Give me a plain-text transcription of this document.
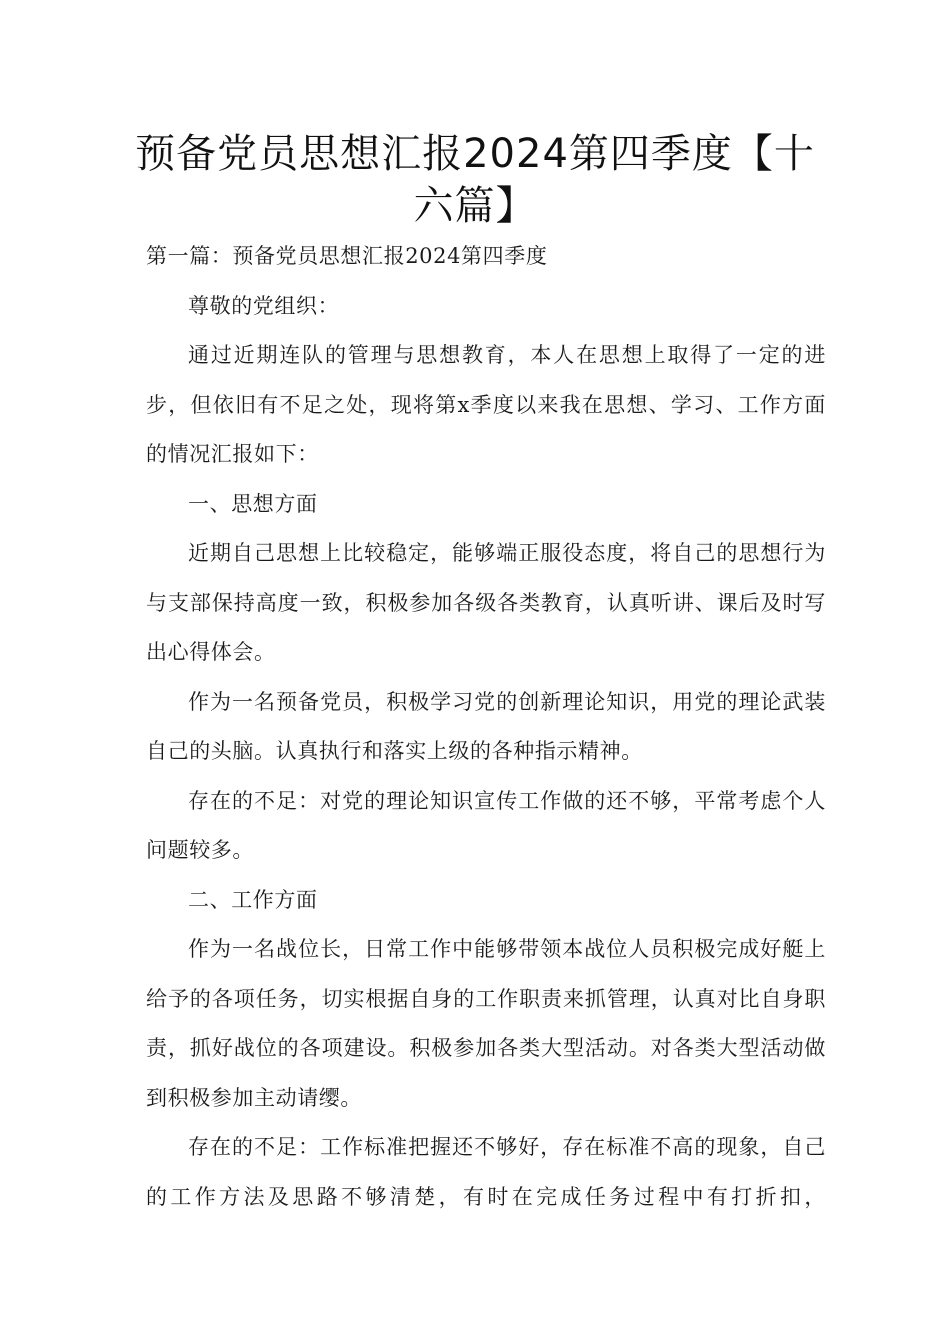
预备党员思想汇报2024第四季度【十六篇】

第一篇：预备党员思想汇报2024第四季度

尊敬的党组织：

通过近期连队的管理与思想教育，本人在思想上取得了一定的进步，但依旧有不足之处，现将第x季度以来我在思想、学习、工作方面的情况汇报如下：

一、思想方面

近期自己思想上比较稳定，能够端正服役态度，将自己的思想行为与支部保持高度一致，积极参加各级各类教育，认真听讲、课后及时写出心得体会。

作为一名预备党员，积极学习党的创新理论知识，用党的理论武装自己的头脑。认真执行和落实上级的各种指示精神。

存在的不足：对党的理论知识宣传工作做的还不够，平常考虑个人问题较多。

二、工作方面

作为一名战位长，日常工作中能够带领本战位人员积极完成好艇上给予的各项任务，切实根据自身的工作职责来抓管理，认真对比自身职责，抓好战位的各项建设。积极参加各类大型活动。对各类大型活动做到积极参加主动请缨。

存在的不足：工作标准把握还不够好，存在标准不高的现象，自己的工作方法及思路不够清楚，有时在完成任务过程中有打折扣，
